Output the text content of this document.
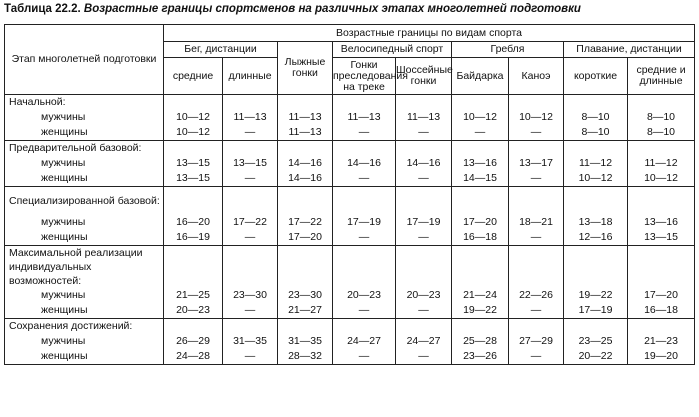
Таблица 22.2. Возрастные границы спортсменов на различных этапах многолетней подготовки
Этап многолетней подготовки	Возрастные границы по видам спорта								
	Бег, дистанции		Лыжные гонки	Велосипедный спорт		Гребля		Плавание, дистанции	
	средние	длинные		Гонки преследования на треке	Шоссейные гонки	Байдарка	Каноэ	короткие	средние и длинные
Начальной:									
мужчины	10—12	11—13	11—13	11—13	11—13	10—12	10—12	8—10	8—10
женщины	10—12	—	11—13	—	—	—	—	8—10	8—10
Предварительной базовой:									
мужчины	13—15	13—15	14—16	14—16	14—16	13—16	13—17	11—12	11—12
женщины	13—15	—	14—16	—	—	14—15	—	10—12	10—12
Специализированной базовой:									
мужчины	16—20	17—22	17—22	17—19	17—19	17—20	18—21	13—18	13—16
женщины	16—19	—	17—20	—	—	16—18	—	12—16	13—15
Максимальной реализации индивидуальных возможностей:									
мужчины	21—25	23—30	23—30	20—23	20—23	21—24	22—26	19—22	17—20
женщины	20—23	—	21—27	—	—	19—22	—	17—19	16—18
Сохранения достижений:									
мужчины	26—29	31—35	31—35	24—27	24—27	25—28	27—29	23—25	21—23
женщины	24—28	—	28—32	—	—	23—26	—	20—22	19—20
